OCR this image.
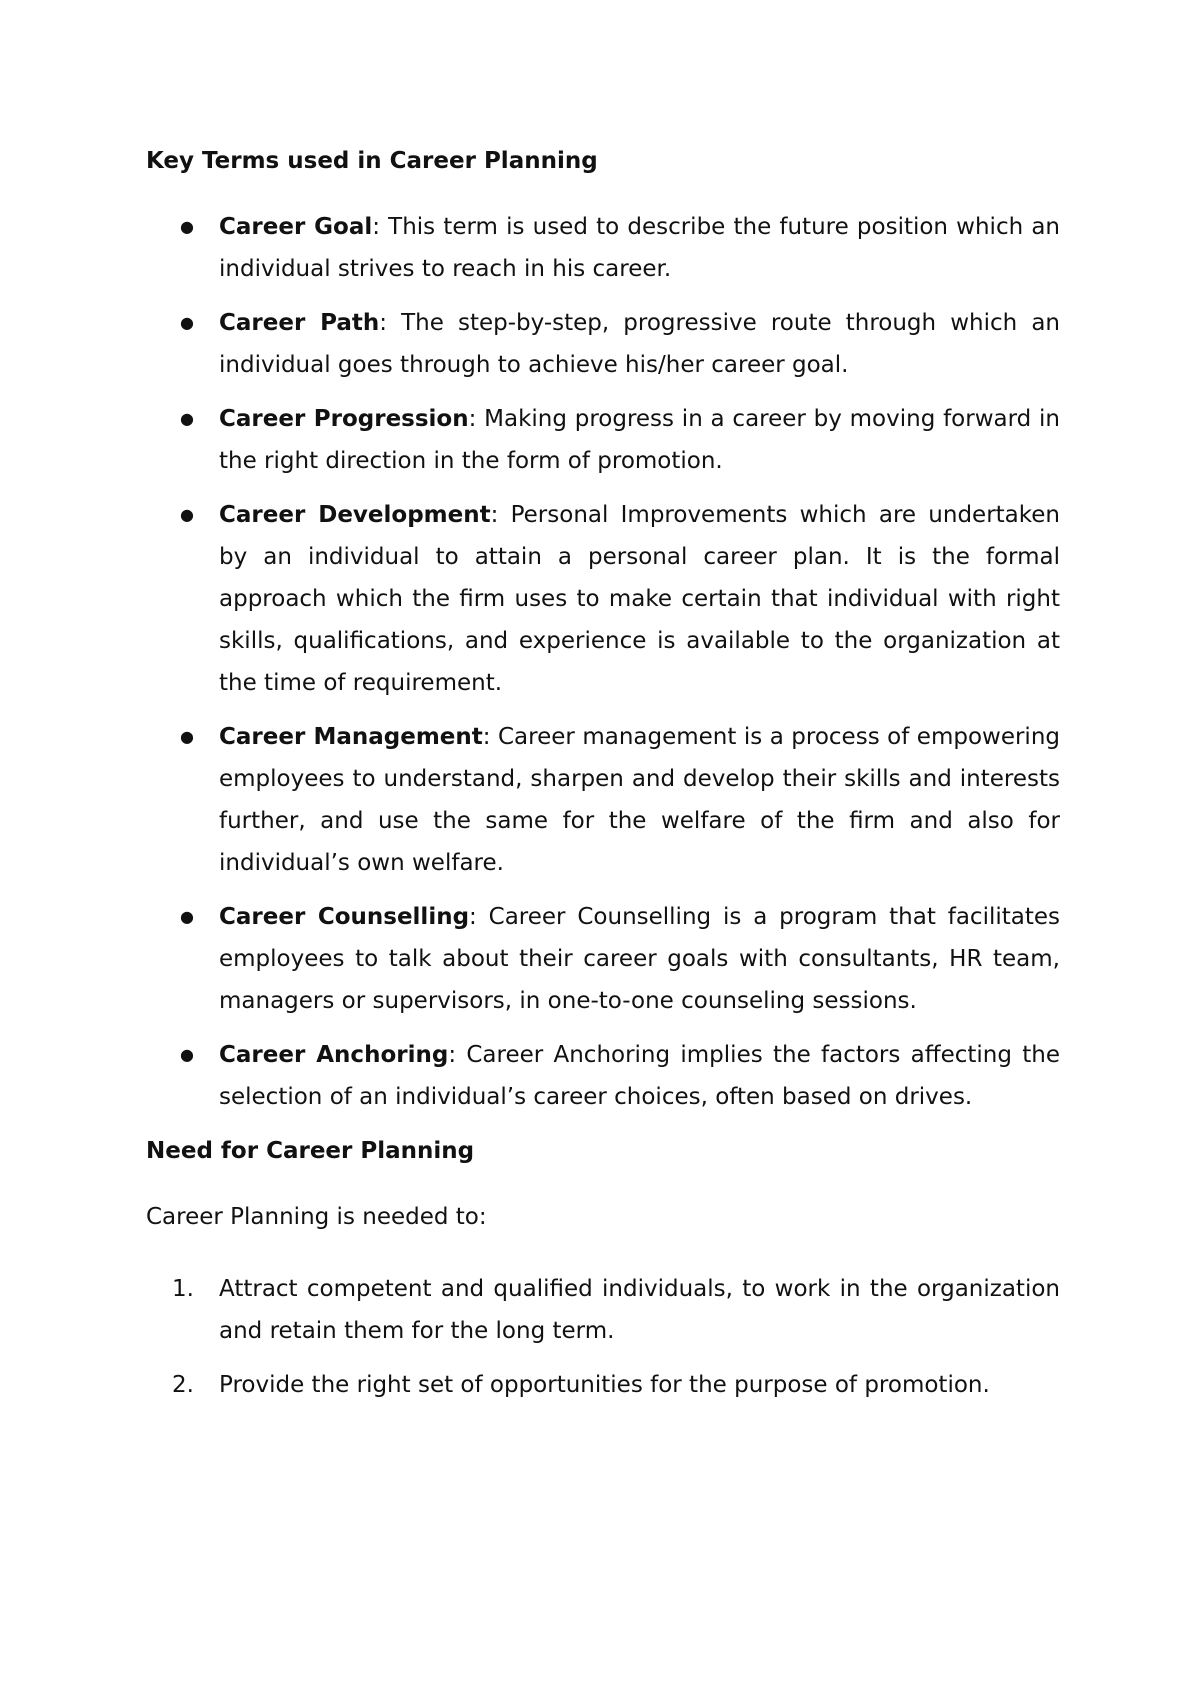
Key Terms used in Career Planning

● Career Goal: This term is used to describe the future position which an individual strives to reach in his career.
● Career Path: The step-by-step, progressive route through which an individual goes through to achieve his/her career goal.
● Career Progression: Making progress in a career by moving forward in the right direction in the form of promotion.
● Career Development: Personal Improvements which are undertaken by an individual to attain a personal career plan. It is the formal approach which the firm uses to make certain that individual with right skills, qualifications, and experience is available to the organization at the time of requirement.
● Career Management: Career management is a process of empowering employees to understand, sharpen and develop their skills and interests further, and use the same for the welfare of the firm and also for individual’s own welfare.
● Career Counselling: Career Counselling is a program that facilitates employees to talk about their career goals with consultants, HR team, managers or supervisors, in one-to-one counseling sessions.
● Career Anchoring: Career Anchoring implies the factors affecting the selection of an individual’s career choices, often based on drives.

Need for Career Planning

Career Planning is needed to:

1. Attract competent and qualified individuals, to work in the organization and retain them for the long term.
2. Provide the right set of opportunities for the purpose of promotion.
